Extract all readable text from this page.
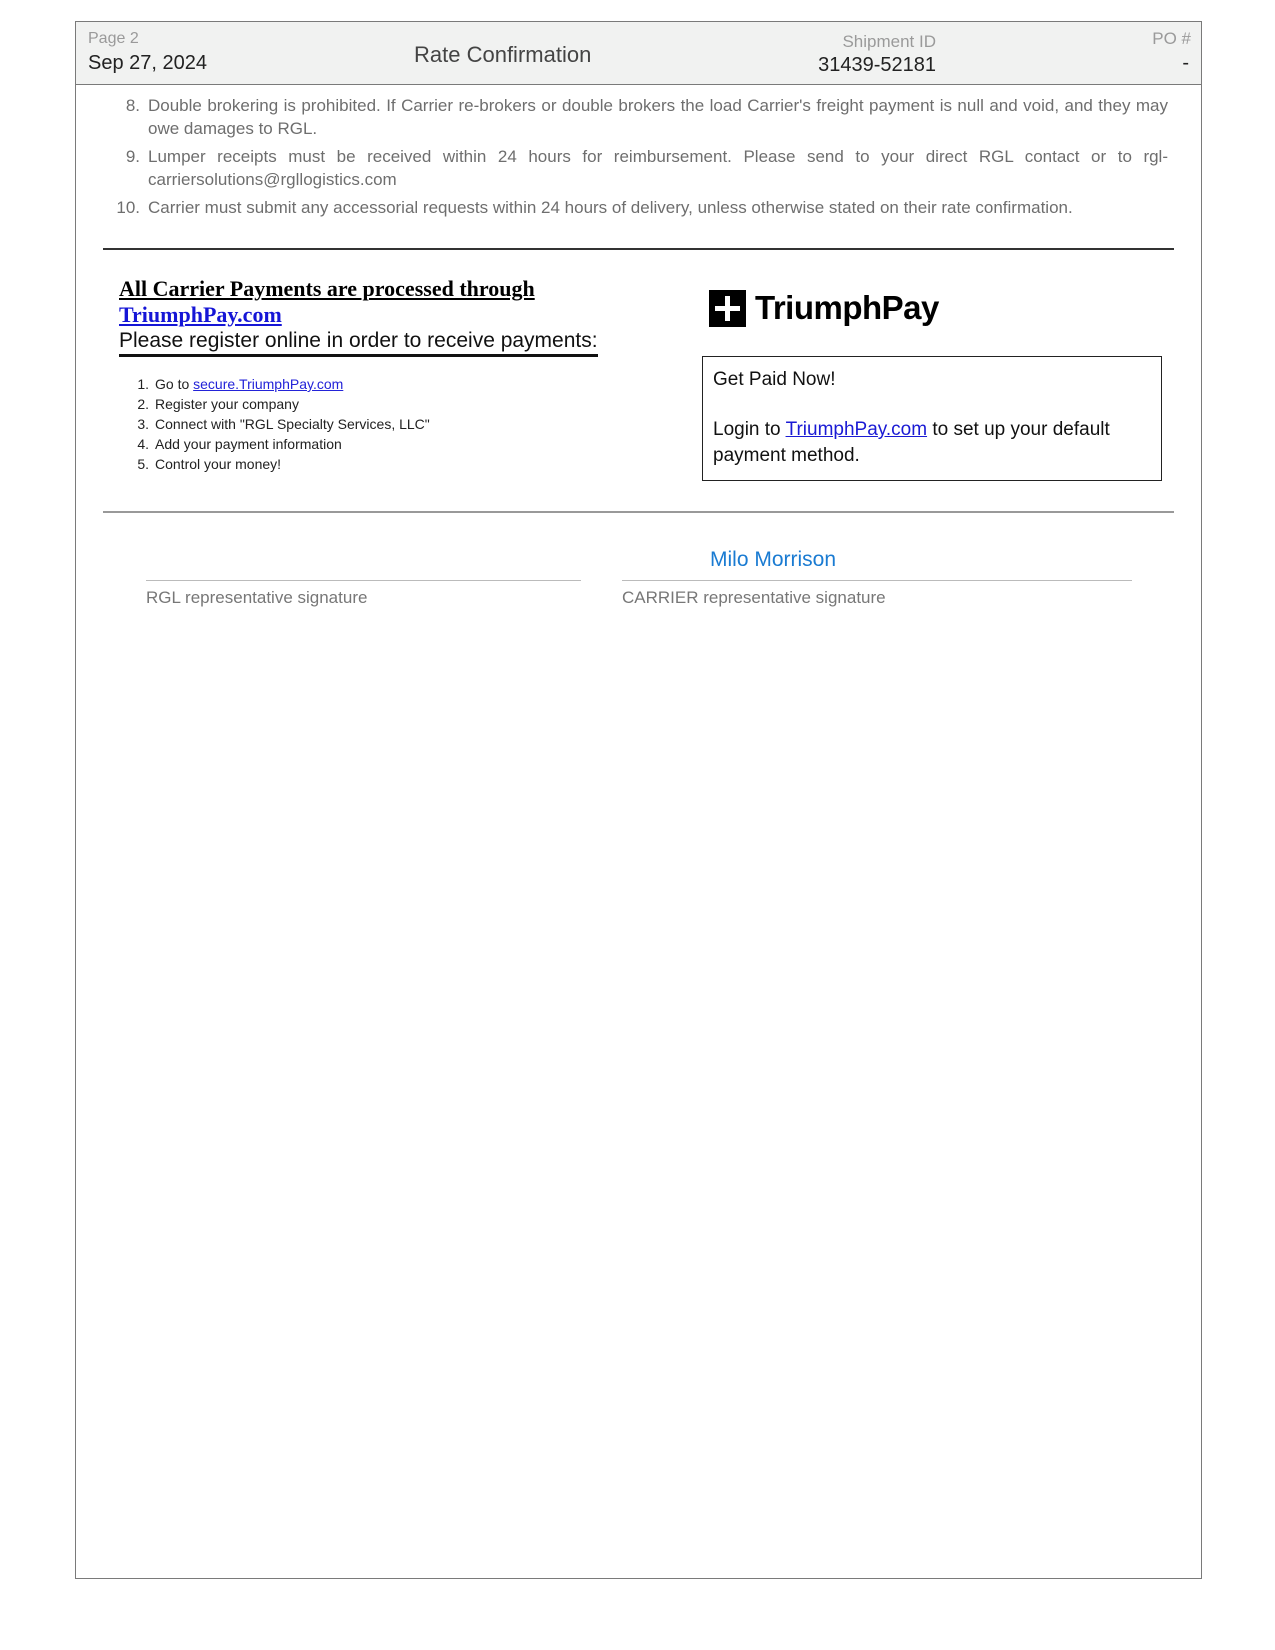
Page 2
Sep 27, 2024	Rate Confirmation
Shipment ID
31439-52181
PO #
-
8. Double brokering is prohibited. If Carrier re-brokers or double brokers the load Carrier's freight payment is null and void, and they may owe damages to RGL.
9. Lumper receipts must be received within 24 hours for reimbursement. Please send to your direct RGL contact or to rgl-carriersolutions@rgllogistics.com
10. Carrier must submit any accessorial requests within 24 hours of delivery, unless otherwise stated on their rate confirmation.
All Carrier Payments are processed through
TriumphPay.com
Please register online in order to receive payments:
1. Go to secure.TriumphPay.com
2. Register your company
3. Connect with "RGL Specialty Services, LLC"
4. Add your payment information
5. Control your money!
TriumphPay
Get Paid Now!
Login to TriumphPay.com to set up your default payment method.
Milo Morrison
RGL representative signature	CARRIER representative signature
